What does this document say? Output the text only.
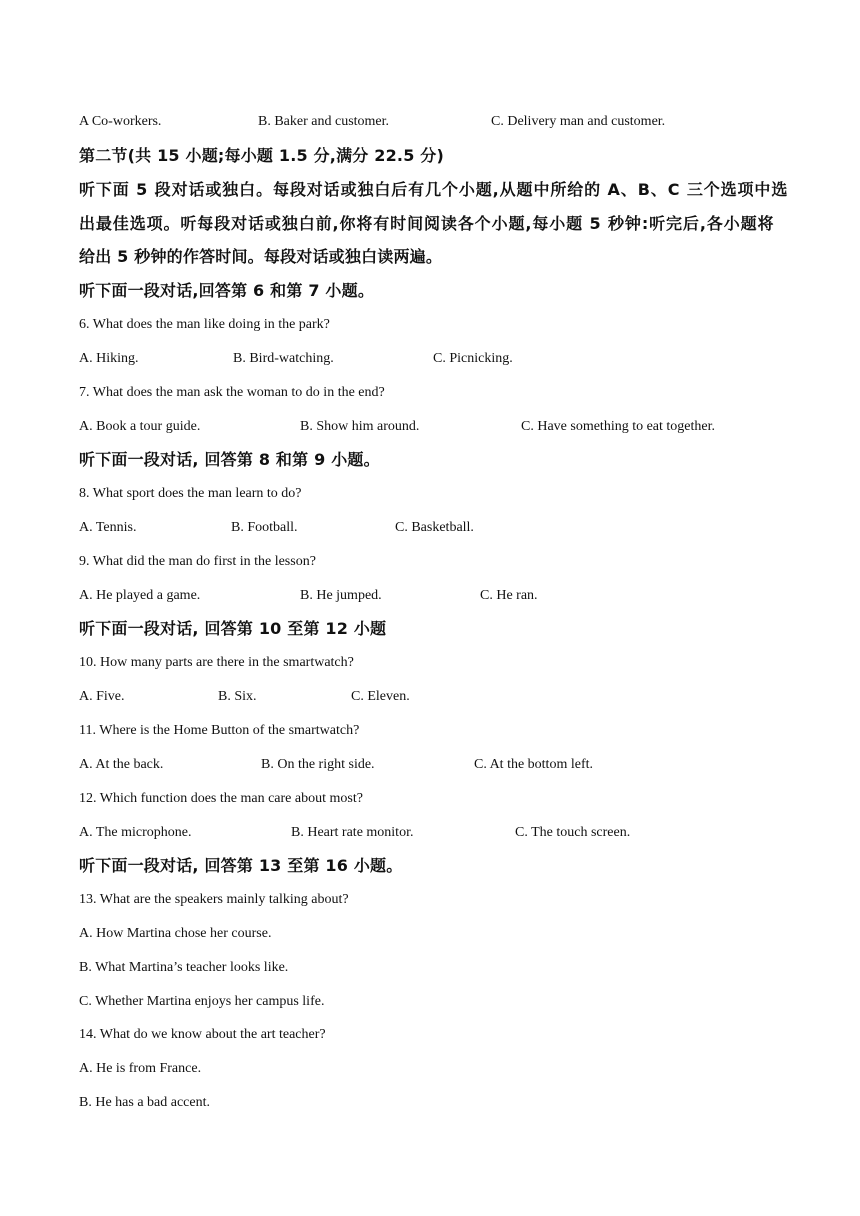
A Co-workers.	B. Baker and customer.	C. Delivery man and customer.
第二节(共 15 小题;每小题 1.5 分,满分 22.5 分)
听下面 5 段对话或独白。每段对话或独白后有几个小题,从题中所给的 A、B、C 三个选项中选
出最佳选项。听每段对话或独白前,你将有时间阅读各个小题,每小题 5 秒钟:听完后,各小题将
给出 5 秒钟的作答时间。每段对话或独白读两遍。
听下面一段对话,回答第 6 和第 7 小题。
6. What does the man like doing in the park?
A. Hiking.	B. Bird-watching.	C. Picnicking.
7. What does the man ask the woman to do in the end?
A. Book a tour guide.	B. Show him around.	C. Have something to eat together.
听下面一段对话, 回答第 8 和第 9 小题。
8. What sport does the man learn to do?
A. Tennis.	B. Football.	C. Basketball.
9. What did the man do first in the lesson?
A. He played a game.	B. He jumped.	C. He ran.
听下面一段对话, 回答第 10 至第 12 小题
10. How many parts are there in the smartwatch?
A. Five.	B. Six.	C. Eleven.
11. Where is the Home Button of the smartwatch?
A. At the back.	B. On the right side.	C. At the bottom left.
12. Which function does the man care about most?
A. The microphone.	B. Heart rate monitor.	C. The touch screen.
听下面一段对话, 回答第 13 至第 16 小题。
13. What are the speakers mainly talking about?
A. How Martina chose her course.
B. What Martina’s teacher looks like.
C. Whether Martina enjoys her campus life.
14. What do we know about the art teacher?
A. He is from France.
B. He has a bad accent.
